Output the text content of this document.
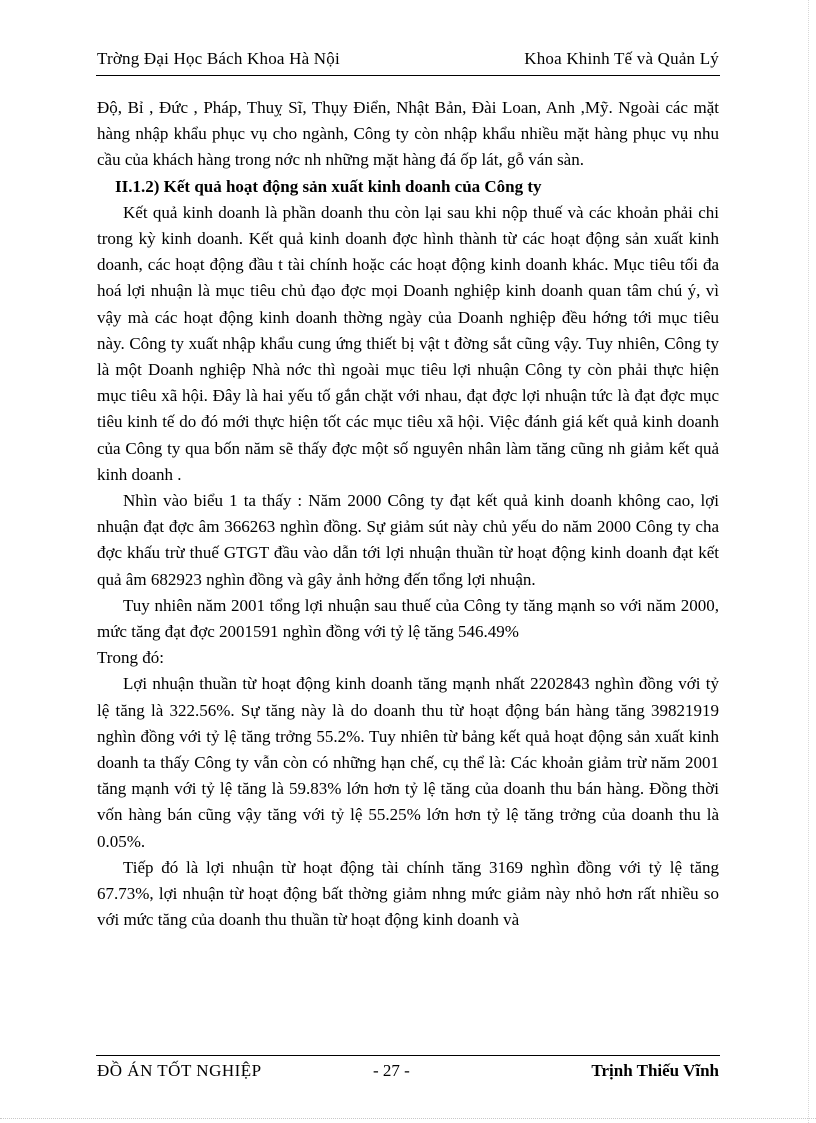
Trờng Đại Học Bách Khoa Hà Nội	Khoa Khinh Tế và Quản Lý

Độ, Bỉ , Đức , Pháp, Thuỵ Sĩ, Thụy Điển, Nhật Bản, Đài Loan, Anh ,Mỹ. Ngoài các mặt hàng nhập khẩu phục vụ cho ngành, Công ty còn nhập khẩu nhiều mặt hàng phục vụ nhu cầu của khách hàng trong nớc nh những mặt hàng đá ốp lát, gỗ ván sàn.

II.1.2) Kết quả hoạt động sản xuất kinh doanh của Công ty

Kết quả kinh doanh là phần doanh thu còn lại sau khi nộp thuế và các khoản phải chi trong kỳ kinh doanh. Kết quả kinh doanh đợc hình thành từ các hoạt động sản xuất kinh doanh, các hoạt động đầu t tài chính hoặc các hoạt động kinh doanh khác. Mục tiêu tối đa hoá lợi nhuận là mục tiêu chủ đạo đợc mọi Doanh nghiệp kinh doanh quan tâm chú ý, vì vậy mà các hoạt động kinh doanh thờng ngày của Doanh nghiệp đều hớng tới mục tiêu này. Công ty xuất nhập khẩu cung ứng thiết bị vật t đờng sắt cũng vậy. Tuy nhiên, Công ty là một Doanh nghiệp Nhà nớc thì ngoài mục tiêu lợi nhuận Công ty còn phải thực hiện mục tiêu xã hội. Đây là hai yếu tố gắn chặt với nhau, đạt đợc lợi nhuận tức là đạt đợc mục tiêu kinh tế do đó mới thực hiện tốt các mục tiêu xã hội. Việc đánh giá kết quả kinh doanh của Công ty qua bốn năm sẽ thấy đợc một số nguyên nhân làm tăng cũng nh giảm kết quả kinh doanh .

Nhìn vào biểu 1 ta thấy : Năm 2000 Công ty đạt kết quả kinh doanh không cao, lợi nhuận đạt đợc âm 366263 nghìn đồng. Sự giảm sút này chủ yếu do năm 2000 Công ty cha đợc khấu trừ thuế GTGT đầu vào dẫn tới lợi nhuận thuần từ hoạt động kinh doanh đạt kết quả âm 682923 nghìn đồng và gây ảnh hởng đến tổng lợi nhuận.

Tuy nhiên năm 2001 tổng lợi nhuận sau thuế của Công ty tăng mạnh so với năm 2000, mức tăng đạt đợc 2001591 nghìn đồng với tỷ lệ tăng 546.49%

Trong đó:

Lợi nhuận thuần từ hoạt động kinh doanh tăng mạnh nhất 2202843 nghìn đồng với tỷ lệ tăng là 322.56%. Sự tăng này là do doanh thu từ hoạt động bán hàng tăng 39821919 nghìn đồng với tỷ lệ tăng trởng 55.2%. Tuy nhiên từ bảng kết quả hoạt động sản xuất kinh doanh ta thấy Công ty vẫn còn có những hạn chế, cụ thể là: Các khoản giảm trừ năm 2001 tăng mạnh với tỷ lệ tăng là 59.83% lớn hơn tỷ lệ tăng của doanh thu bán hàng. Đồng thời vốn hàng bán cũng vậy tăng với tỷ lệ 55.25% lớn hơn tỷ lệ tăng trởng của doanh thu là 0.05%.

Tiếp đó là lợi nhuận từ hoạt động tài chính tăng 3169 nghìn đồng với tỷ lệ tăng 67.73%, lợi nhuận từ hoạt động bất thờng giảm nhng mức giảm này nhỏ hơn rất nhiều so với mức tăng của doanh thu thuần từ hoạt động kinh doanh và

ĐỒ ÁN TỐT NGHIỆP	- 27 -	Trịnh Thiếu Vĩnh
